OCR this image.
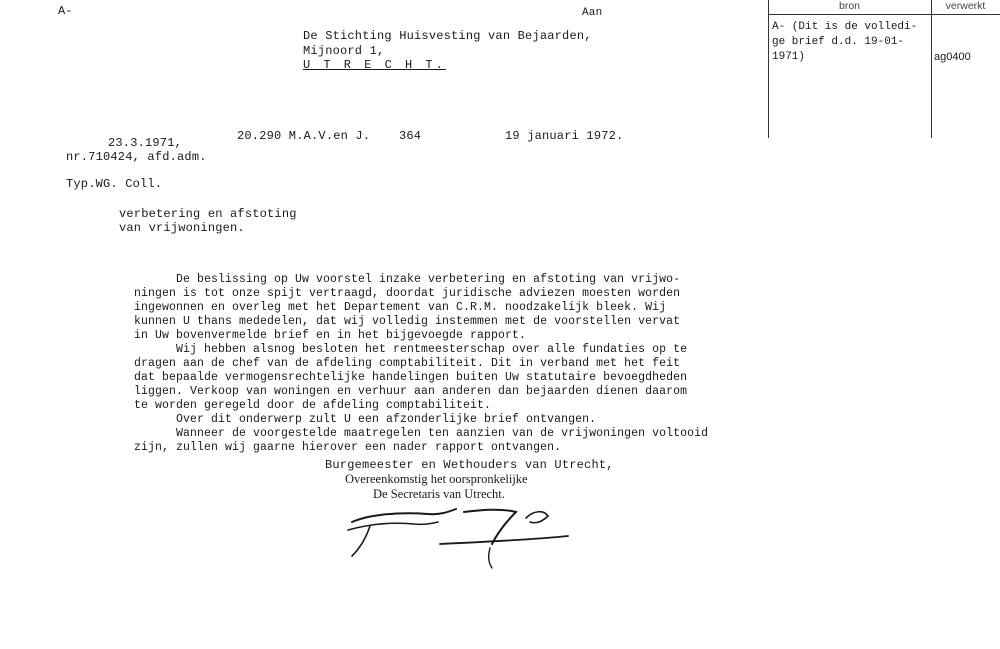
A-	Aan
De Stichting Huisvesting van Bejaarden,
Mijnoord 1,
U T R E C H T.
bron	verwerkt
A- (Dit is de volledi-
ge brief d.d. 19-01-
1971)	ag0400
23.3.1971,
nr.710424, afd.adm.
20.290 M.A.V.en J. 364	19 januari 1972.
Typ.WG. Coll.
verbetering en afstoting
van vrijwoningen.
De beslissing op Uw voorstel inzake verbetering en afstoting van vrijwo-
ningen is tot onze spijt vertraagd, doordat juridische adviezen moesten worden
ingewonnen en overleg met het Departement van C.R.M. noodzakelijk bleek. Wij
kunnen U thans mededelen, dat wij volledig instemmen met de voorstellen vervat
in Uw bovenvermelde brief en in het bijgevoegde rapport.
Wij hebben alsnog besloten het rentmeesterschap over alle fundaties op te
dragen aan de chef van de afdeling comptabiliteit. Dit in verband met het feit
dat bepaalde vermogensrechtelijke handelingen buiten Uw statutaire bevoegdheden
liggen. Verkoop van woningen en verhuur aan anderen dan bejaarden dienen daarom
te worden geregeld door de afdeling comptabiliteit.
Over dit onderwerp zult U een afzonderlijke brief ontvangen.
Wanneer de voorgestelde maatregelen ten aanzien van de vrijwoningen voltooid
zijn, zullen wij gaarne hierover een nader rapport ontvangen.
Burgemeester en Wethouders van Utrecht,
Overeenkomstig het oorspronkelijke
De Secretaris van Utrecht.
